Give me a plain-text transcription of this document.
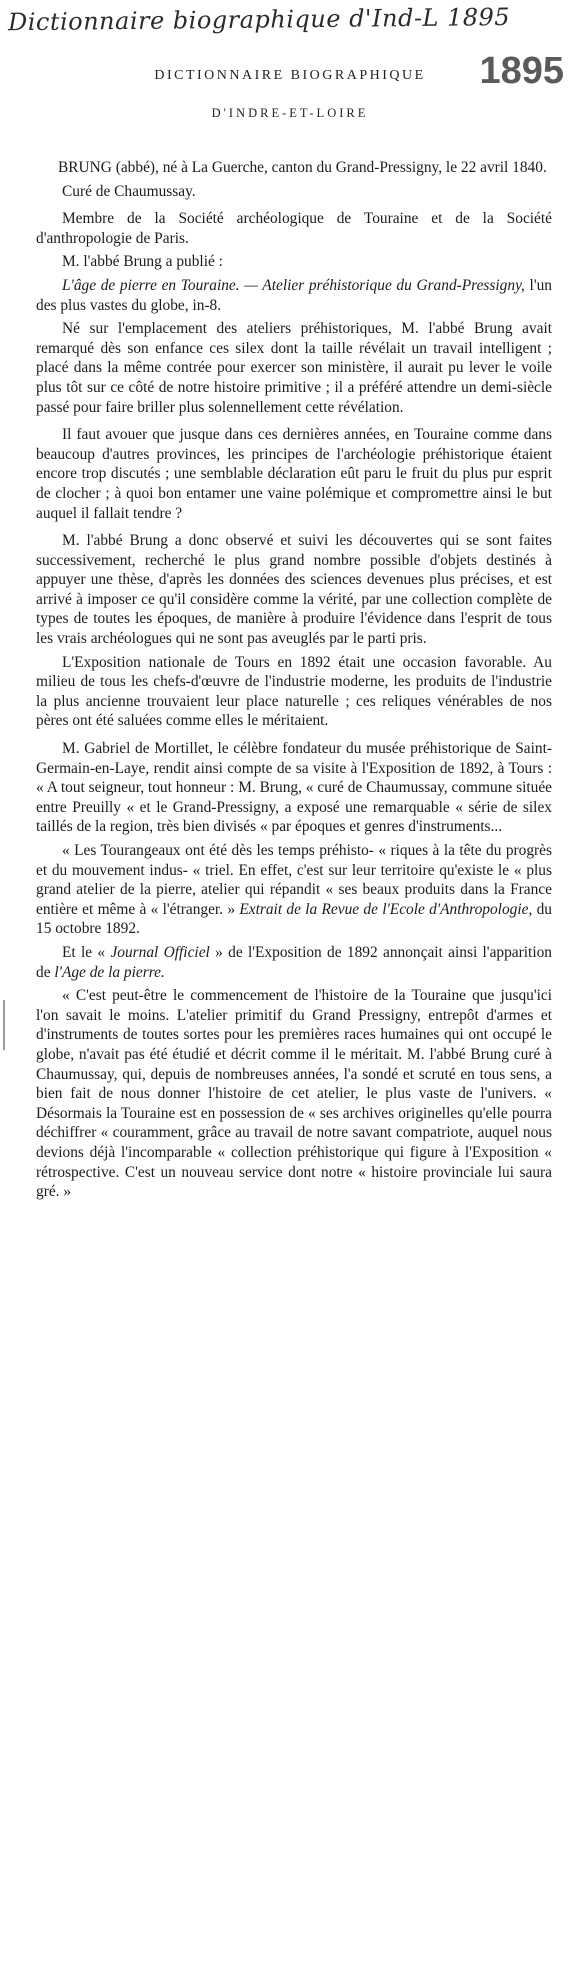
Dictionnaire biographique d'Ind-L 1895
1895
DICTIONNAIRE BIOGRAPHIQUE
D'INDRE-ET-LOIRE

BRUNG (abbé), né à La Guerche, canton du Grand-Pressigny, le 22 avril 1840.

Curé de Chaumussay.

Membre de la Société archéologique de Touraine et de la Société d'anthropologie de Paris.

M. l'abbé Brung a publié :

L'âge de pierre en Touraine. — Atelier préhistorique du Grand-Pressigny, l'un des plus vastes du globe, in-8.

Né sur l'emplacement des ateliers préhistoriques, M. l'abbé Brung avait remarqué dès son enfance ces silex dont la taille révélait un travail intelligent ; placé dans la même contrée pour exercer son ministère, il aurait pu lever le voile plus tôt sur ce côté de notre histoire primitive ; il a préféré attendre un demi-siècle passé pour faire briller plus solennellement cette révélation.

Il faut avouer que jusque dans ces dernières années, en Touraine comme dans beaucoup d'autres provinces, les principes de l'archéologie préhistorique étaient encore trop discutés ; une semblable déclaration eût paru le fruit du plus pur esprit de clocher ; à quoi bon entamer une vaine polémique et compromettre ainsi le but auquel il fallait tendre ?

M. l'abbé Brung a donc observé et suivi les découvertes qui se sont faites successivement, recherché le plus grand nombre possible d'objets destinés à appuyer une thèse, d'après les données des sciences devenues plus précises, et est arrivé à imposer ce qu'il considère comme la vérité, par une collection complète de types de toutes les époques, de manière à produire l'évidence dans l'esprit de tous les vrais archéologues qui ne sont pas aveuglés par le parti pris.

L'Exposition nationale de Tours en 1892 était une occasion favorable. Au milieu de tous les chefs-d'œuvre de l'industrie moderne, les produits de l'industrie la plus ancienne trouvaient leur place naturelle ; ces reliques vénérables de nos pères ont été saluées comme elles le méritaient.

M. Gabriel de Mortillet, le célèbre fondateur du musée préhistorique de Saint-Germain-en-Laye, rendit ainsi compte de sa visite à l'Exposition de 1892, à Tours : « A tout seigneur, tout honneur : M. Brung, « curé de Chaumussay, commune située entre Preuilly « et le Grand-Pressigny, a exposé une remarquable « série de silex taillés de la region, très bien divisés « par époques et genres d'instruments...

« Les Tourangeaux ont été dès les temps préhisto- « riques à la tête du progrès et du mouvement indus- « triel. En effet, c'est sur leur territoire qu'existe le « plus grand atelier de la pierre, atelier qui répandit « ses beaux produits dans la France entière et même à « l'étranger. » Extrait de la Revue de l'Ecole d'Anthropologie, du 15 octobre 1892.

Et le « Journal Officiel » de l'Exposition de 1892 annonçait ainsi l'apparition de l'Age de la pierre.

« C'est peut-être le commencement de l'histoire de la Touraine que jusqu'ici l'on savait le moins. L'atelier primitif du Grand Pressigny, entrepôt d'armes et d'instruments de toutes sortes pour les premières races humaines qui ont occupé le globe, n'avait pas été étudié et décrit comme il le méritait. M. l'abbé Brung curé à Chaumussay, qui, depuis de nombreuses années, l'a sondé et scruté en tous sens, a bien fait de nous donner l'histoire de cet atelier, le plus vaste de l'univers. « Désormais la Touraine est en possession de « ses archives originelles qu'elle pourra déchiffrer « couramment, grâce au travail de notre savant compatriote, auquel nous devions déjà l'incomparable « collection préhistorique qui figure à l'Exposition « rétrospective. C'est un nouveau service dont notre « histoire provinciale lui saura gré. »
